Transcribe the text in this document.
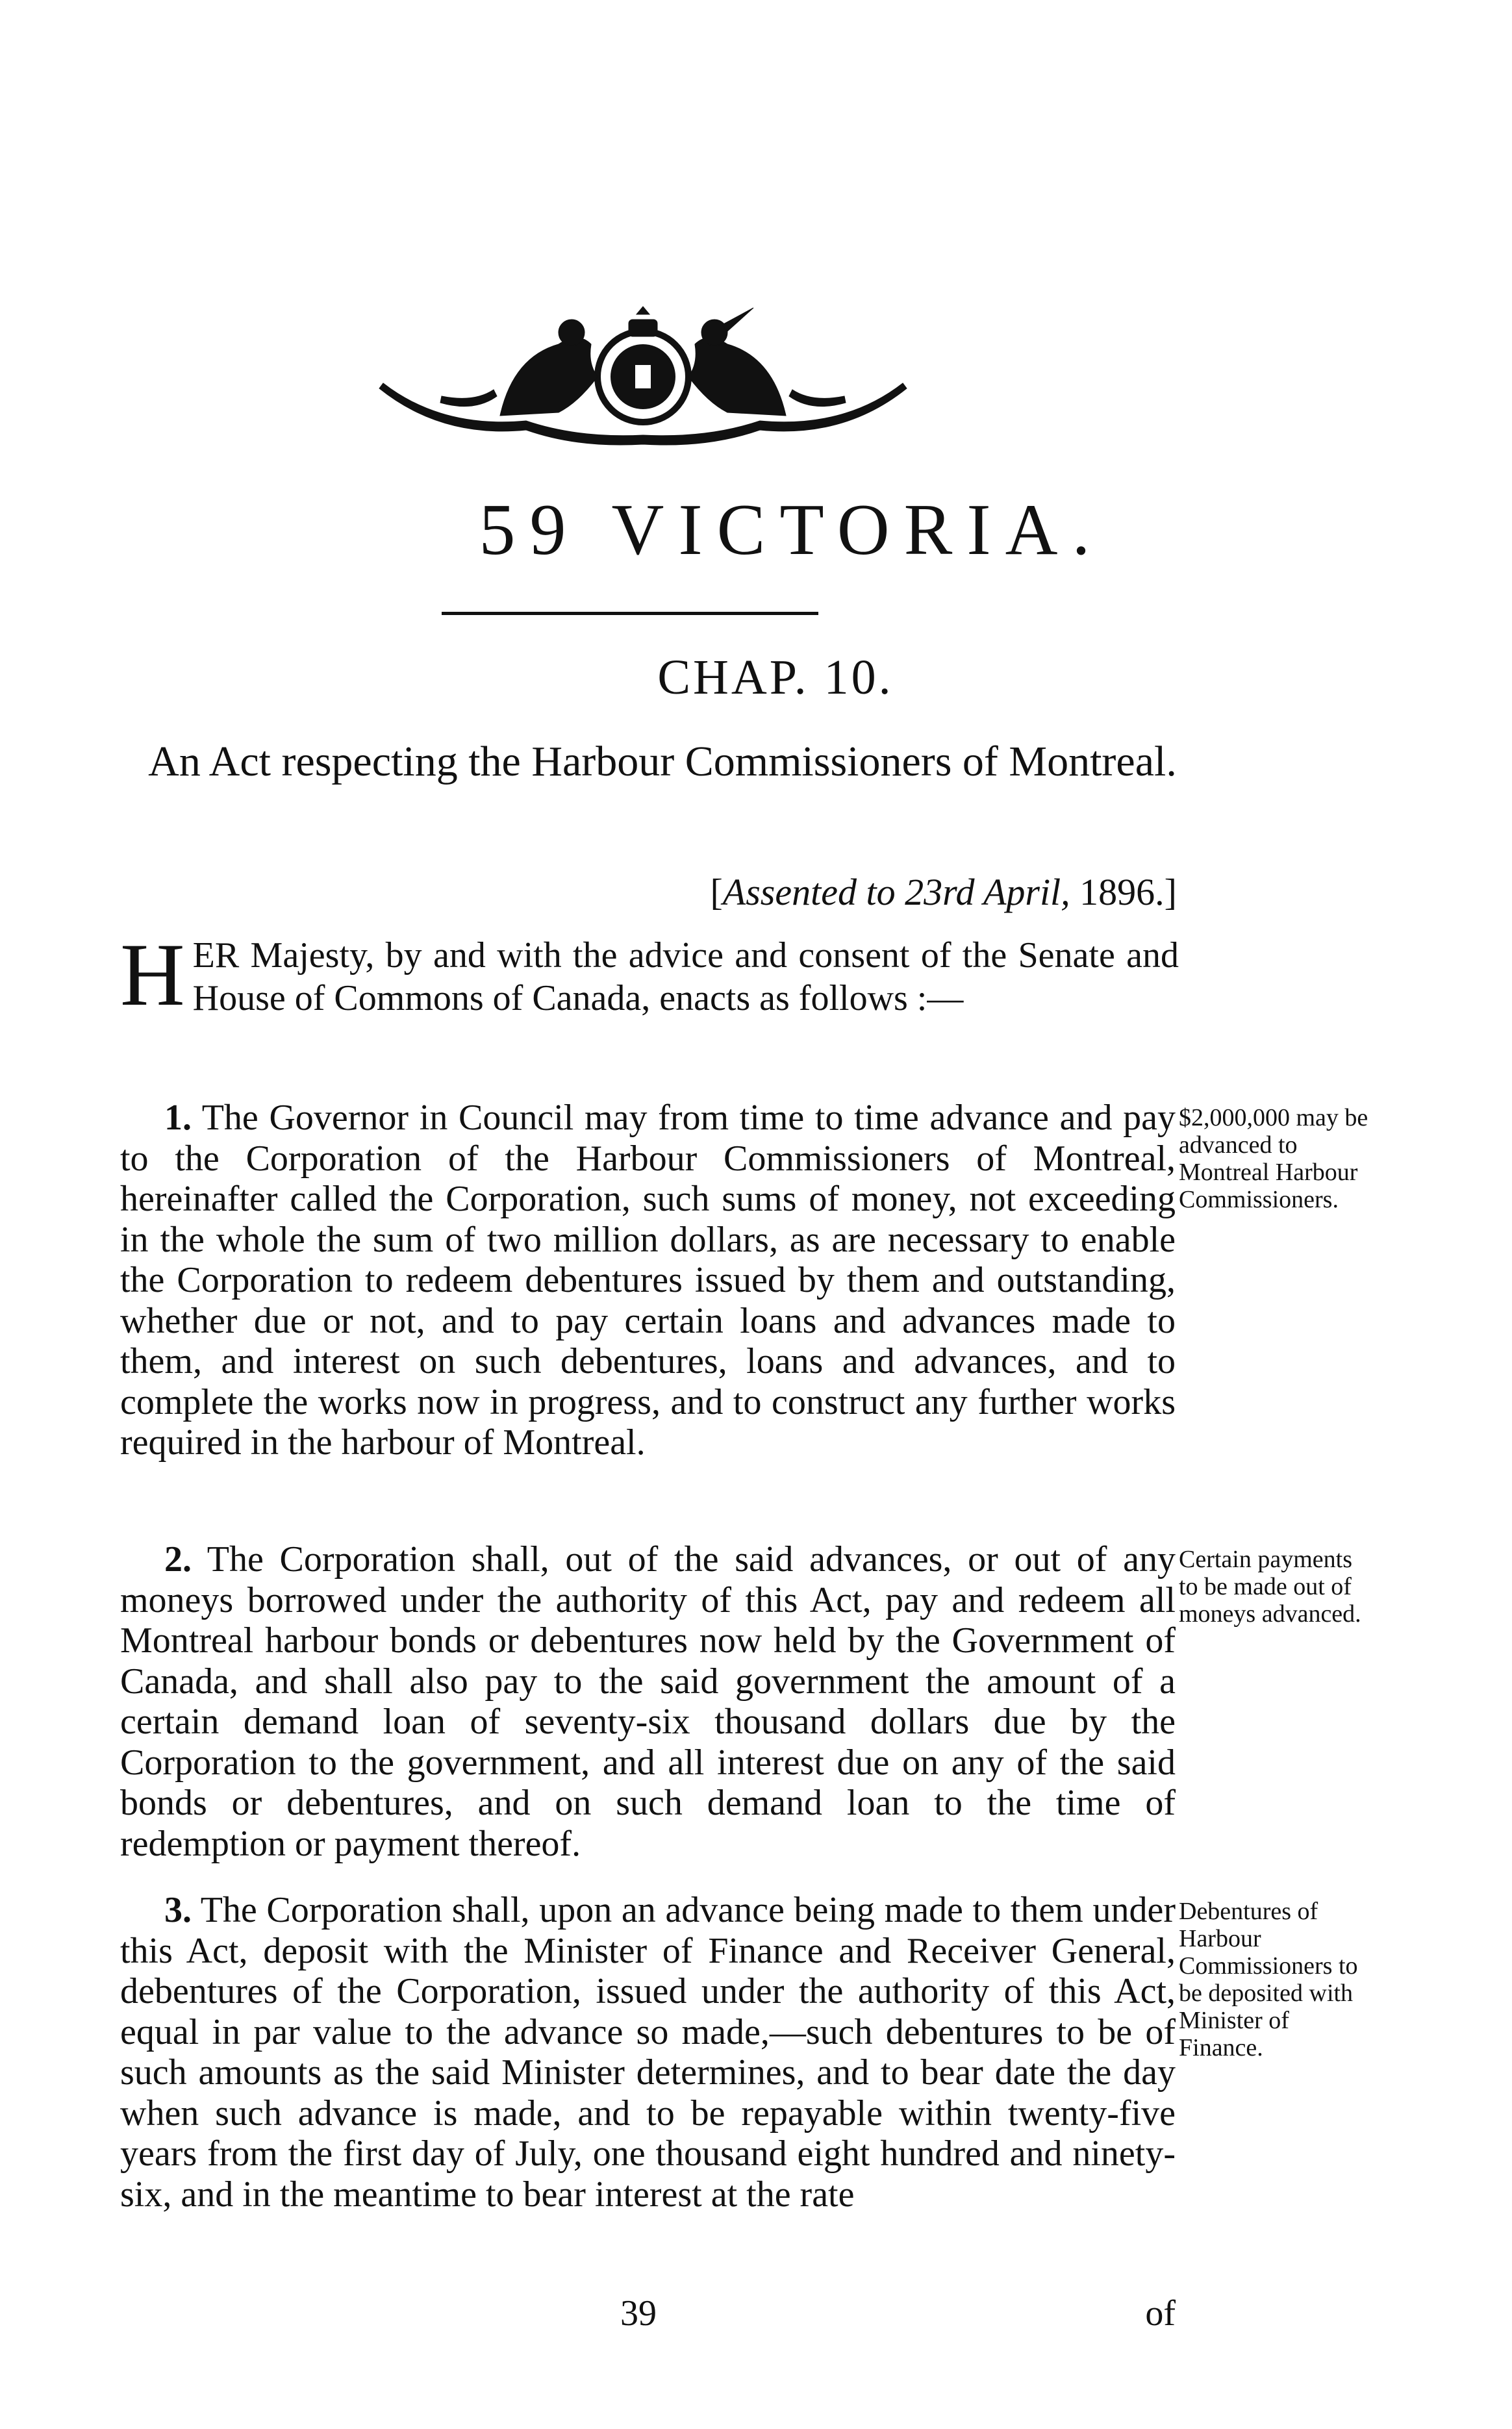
59 VICTORIA.
CHAP. 10.
An Act respecting the Harbour Commissioners of Montreal.
[Assented to 23rd April, 1896.]
HER Majesty, by and with the advice and consent of the Senate and House of Commons of Canada, enacts as follows :—
1. The Governor in Council may from time to time advance and pay to the Corporation of the Harbour Commissioners of Montreal, hereinafter called the Corporation, such sums of money, not exceeding in the whole the sum of two million dollars, as are necessary to enable the Corporation to redeem debentures issued by them and outstanding, whether due or not, and to pay certain loans and advances made to them, and interest on such debentures, loans and advances, and to complete the works now in progress, and to construct any further works required in the harbour of Montreal.
$2,000,000 may be advanced to Montreal Harbour Commissioners.
2. The Corporation shall, out of the said advances, or out of any moneys borrowed under the authority of this Act, pay and redeem all Montreal harbour bonds or debentures now held by the Government of Canada, and shall also pay to the said government the amount of a certain demand loan of seventy-six thousand dollars due by the Corporation to the government, and all interest due on any of the said bonds or debentures, and on such demand loan to the time of redemption or payment thereof.
Certain payments to be made out of moneys advanced.
3. The Corporation shall, upon an advance being made to them under this Act, deposit with the Minister of Finance and Receiver General, debentures of the Corporation, issued under the authority of this Act, equal in par value to the advance so made,—such debentures to be of such amounts as the said Minister determines, and to bear date the day when such advance is made, and to be repayable within twenty-five years from the first day of July, one thousand eight hundred and ninety-six, and in the meantime to bear interest at the rate
Debentures of Harbour Commissioners to be deposited with Minister of Finance.
39	of
